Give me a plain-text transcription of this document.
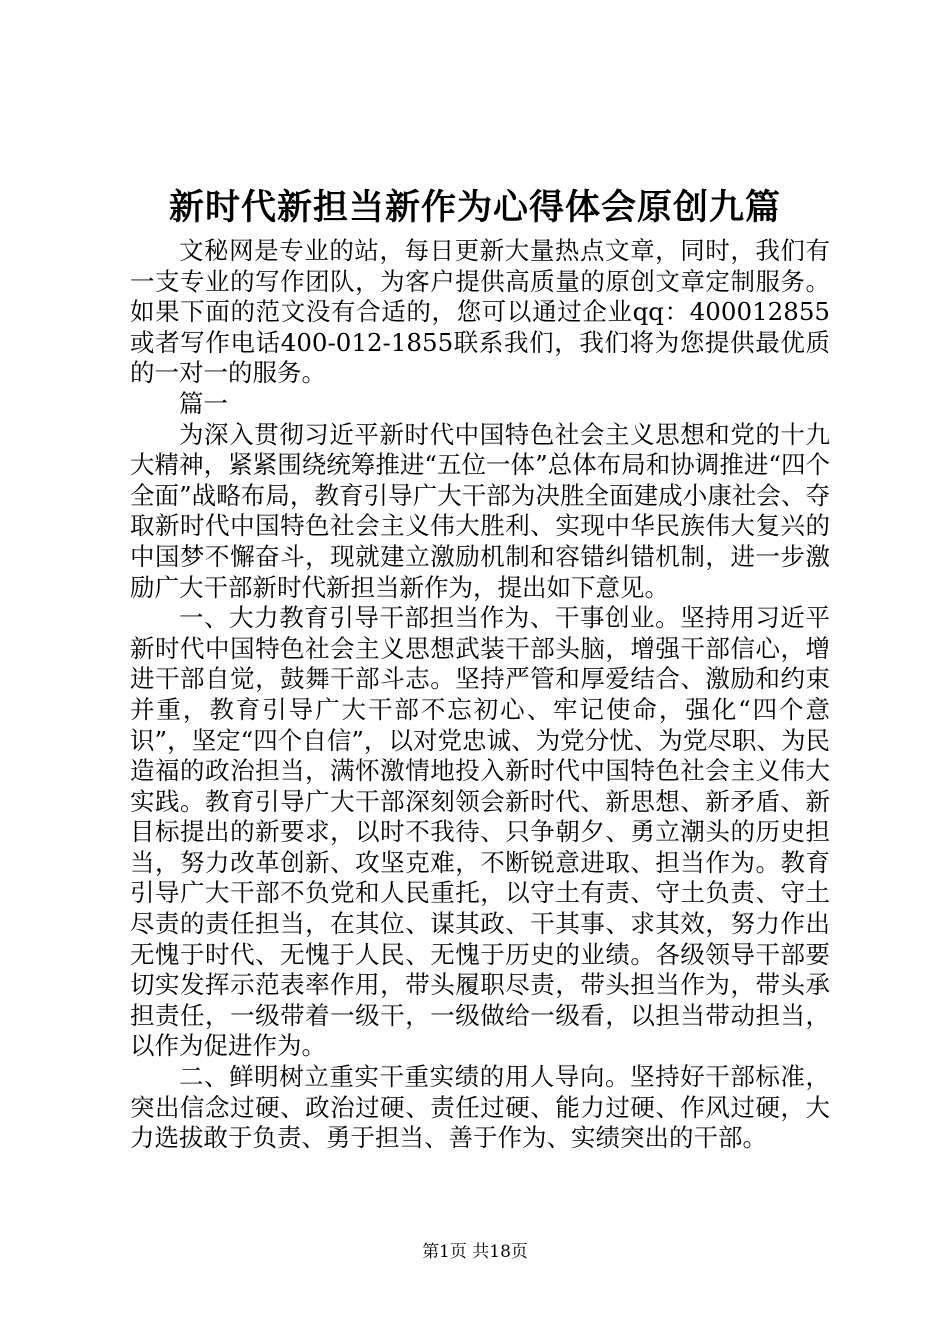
新时代新担当新作为心得体会原创九篇

文秘网是专业的站，每日更新大量热点文章，同时，我们有一支专业的写作团队，为客户提供高质量的原创文章定制服务。如果下面的范文没有合适的，您可以通过企业qq：400012855或者写作电话400-012-1855联系我们，我们将为您提供最优质的一对一的服务。

篇一

为深入贯彻习近平新时代中国特色社会主义思想和党的十九大精神，紧紧围绕统筹推进“五位一体”总体布局和协调推进“四个全面”战略布局，教育引导广大干部为决胜全面建成小康社会、夺取新时代中国特色社会主义伟大胜利、实现中华民族伟大复兴的中国梦不懈奋斗，现就建立激励机制和容错纠错机制，进一步激励广大干部新时代新担当新作为，提出如下意见。

一、大力教育引导干部担当作为、干事创业。坚持用习近平新时代中国特色社会主义思想武装干部头脑，增强干部信心，增进干部自觉，鼓舞干部斗志。坚持严管和厚爱结合、激励和约束并重，教育引导广大干部不忘初心、牢记使命，强化“四个意识”，坚定“四个自信”，以对党忠诚、为党分忧、为党尽职、为民造福的政治担当，满怀激情地投入新时代中国特色社会主义伟大实践。教育引导广大干部深刻领会新时代、新思想、新矛盾、新目标提出的新要求，以时不我待、只争朝夕、勇立潮头的历史担当，努力改革创新、攻坚克难，不断锐意进取、担当作为。教育引导广大干部不负党和人民重托，以守土有责、守土负责、守土尽责的责任担当，在其位、谋其政、干其事、求其效，努力作出无愧于时代、无愧于人民、无愧于历史的业绩。各级领导干部要切实发挥示范表率作用，带头履职尽责，带头担当作为，带头承担责任，一级带着一级干，一级做给一级看，以担当带动担当，以作为促进作为。

二、鲜明树立重实干重实绩的用人导向。坚持好干部标准，突出信念过硬、政治过硬、责任过硬、能力过硬、作风过硬，大力选拔敢于负责、勇于担当、善于作为、实绩突出的干部。

第1页 共18页
